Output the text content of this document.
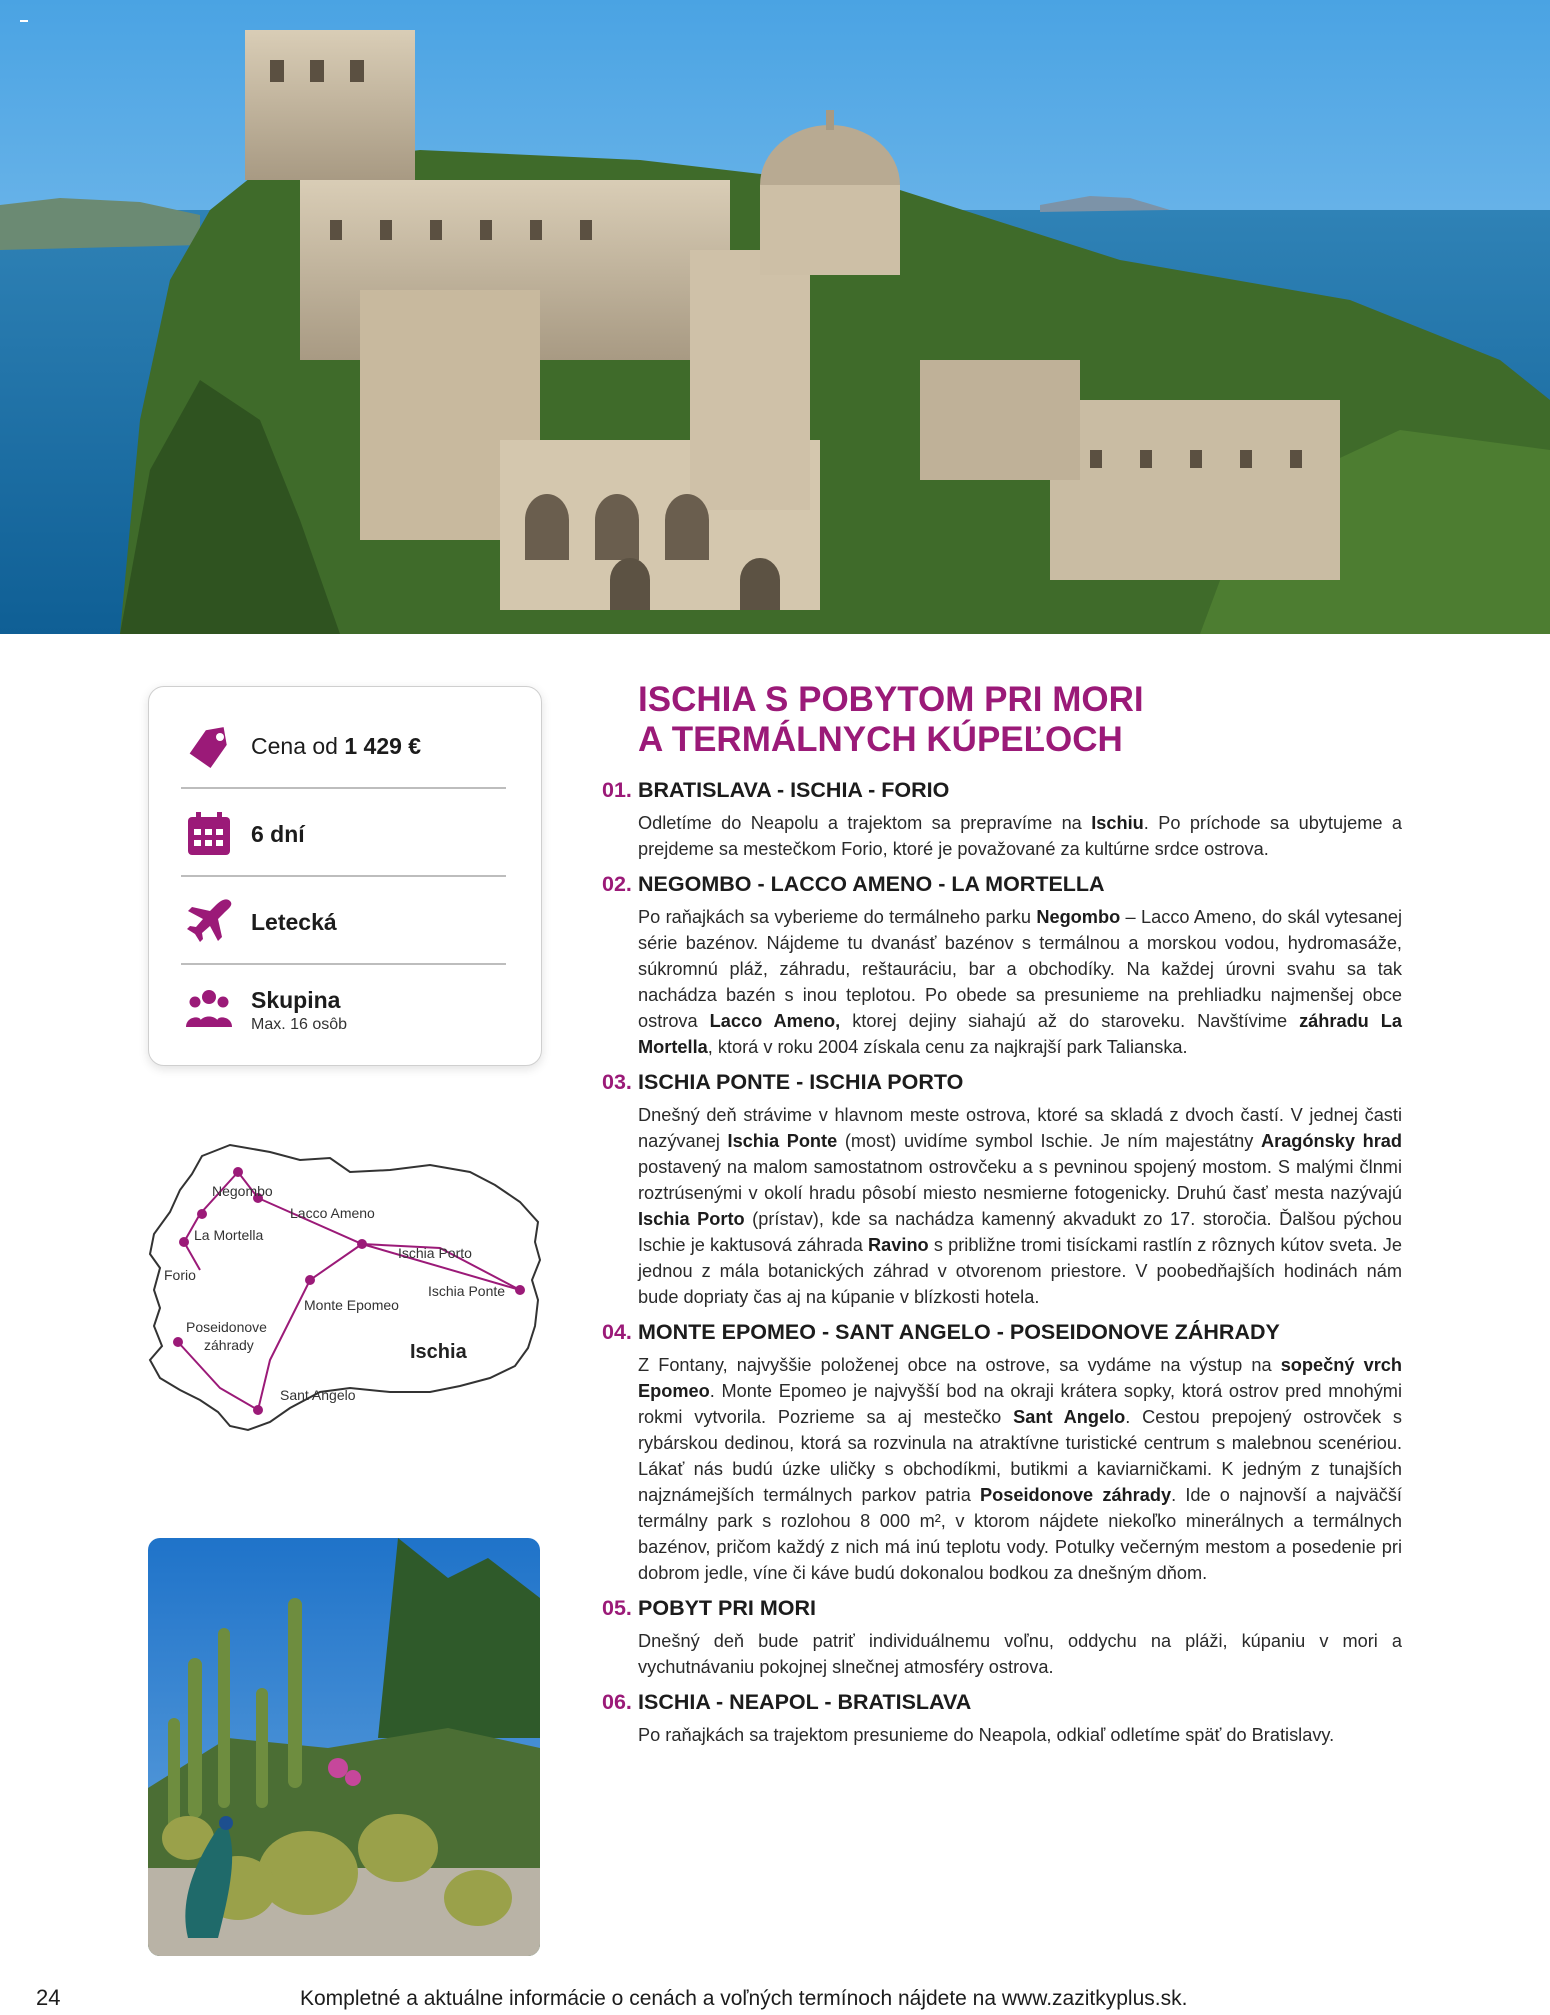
Cena od 1 429 €
6 dní
Letecká
Skupina
Max. 16 osôb
Negombo
Lacco Ameno
La Mortella
Ischia Porto
Forio
Ischia Ponte
Monte Epomeo
Poseidonove
záhrady	Ischia
Sant Angelo
ISCHIA S POBYTOM PRI MORI
A TERMÁLNYCH KÚPEĽOCH
01. BRATISLAVA - ISCHIA - FORIO
Odletíme do Neapolu a trajektom sa prepravíme na Ischiu. Po príchode sa ubytujeme a prejdeme sa mestečkom Forio, ktoré je považované za kultúrne srdce ostrova.
02. NEGOMBO - LACCO AMENO - LA MORTELLA
Po raňajkách sa vyberieme do termálneho parku Negombo – Lacco Ameno, do skál vytesanej série bazénov. Nájdeme tu dvanásť bazénov s termálnou a morskou vodou, hydromasáže, súkromnú pláž, záhradu, reštauráciu, bar a obchodíky. Na každej úrovni svahu sa tak nachádza bazén s inou teplotou. Po obede sa presunieme na prehliadku najmenšej obce ostrova Lacco Ameno, ktorej dejiny siahajú až do staroveku. Navštívime záhradu La Mortella, ktorá v roku 2004 získala cenu za najkrajší park Talianska.
03. ISCHIA PONTE - ISCHIA PORTO
Dnešný deň strávime v hlavnom meste ostrova, ktoré sa skladá z dvoch častí. V jednej časti nazývanej Ischia Ponte (most) uvidíme symbol Ischie. Je ním majestátny Aragónsky hrad postavený na malom samostatnom ostrovčeku a s pevninou spojený mostom. S malými člnmi roztrúsenými v okolí hradu pôsobí miesto nesmierne fotogenicky. Druhú časť mesta nazývajú Ischia Porto (prístav), kde sa nachádza kamenný akvadukt zo 17. storočia. Ďalšou pýchou Ischie je kaktusová záhrada Ravino s približne tromi tisíckami rastlín z rôznych kútov sveta. Je jednou z mála botanických záhrad v otvorenom priestore. V poobedňajších hodinách nám bude dopriaty čas aj na kúpanie v blízkosti hotela.
04. MONTE EPOMEO - SANT ANGELO - POSEIDONOVE ZÁHRADY
Z Fontany, najvyššie položenej obce na ostrove, sa vydáme na výstup na sopečný vrch Epomeo. Monte Epomeo je najvyšší bod na okraji krátera sopky, ktorá ostrov pred mnohými rokmi vytvorila. Pozrieme sa aj mestečko Sant Angelo. Cestou prepojený ostrovček s rybárskou dedinou, ktorá sa rozvinula na atraktívne turistické centrum s malebnou scenériou. Lákať nás budú úzke uličky s obchodíkmi, butikmi a kaviarničkami. K jedným z tunajších najznámejších termálnych parkov patria Poseidonove záhrady. Ide o najnovší a najväčší termálny park s rozlohou 8 000 m², v ktorom nájdete niekoľko minerálnych a termálnych bazénov, pričom každý z nich má inú teplotu vody. Potulky večerným mestom a posedenie pri dobrom jedle, víne či káve budú dokonalou bodkou za dnešným dňom.
05. POBYT PRI MORI
Dnešný deň bude patriť individuálnemu voľnu, oddychu na pláži, kúpaniu v mori a vychutnávaniu pokojnej slnečnej atmosféry ostrova.
06. ISCHIA - NEAPOL - BRATISLAVA
Po raňajkách sa trajektom presunieme do Neapola, odkiaľ odletíme späť do Bratislavy.
24	Kompletné a aktuálne informácie o cenách a voľných termínoch nájdete na www.zazitkyplus.sk.
